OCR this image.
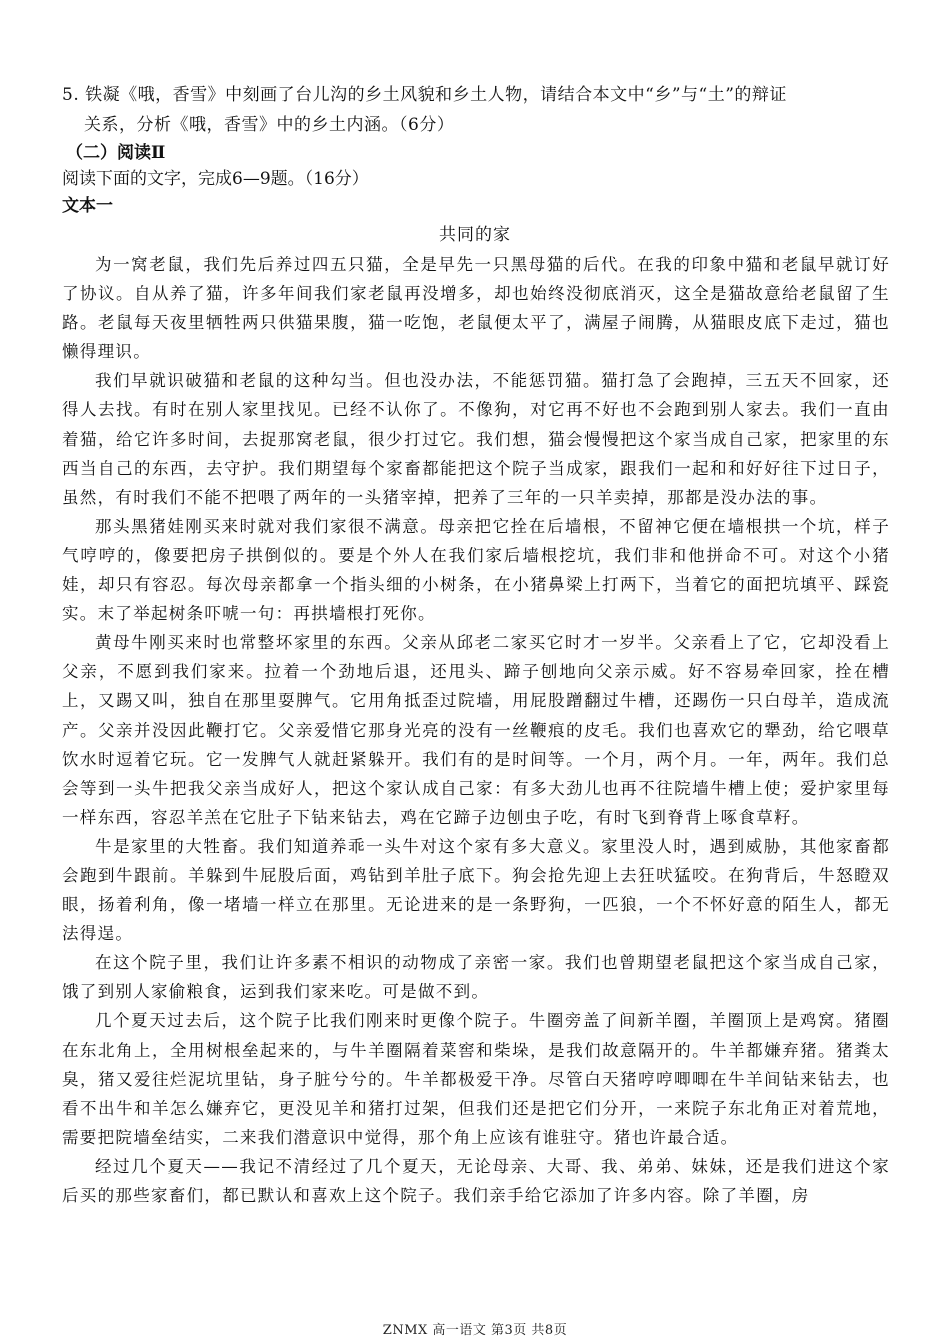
5. 铁凝《哦，香雪》中刻画了台儿沟的乡土风貌和乡土人物，请结合本文中“乡”与“土”的辩证
关系，分析《哦，香雪》中的乡土内涵。（6分）
（二）阅读Ⅱ
阅读下面的文字，完成6—9题。（16分）
文本一
共同的家

为一窝老鼠，我们先后养过四五只猫，全是早先一只黑母猫的后代。在我的印象中猫和老鼠早就订好了协议。自从养了猫，许多年间我们家老鼠再没增多，却也始终没彻底消灭，这全是猫故意给老鼠留了生路。老鼠每天夜里牺牲两只供猫果腹，猫一吃饱，老鼠便太平了，满屋子闹腾，从猫眼皮底下走过，猫也懒得理识。

我们早就识破猫和老鼠的这种勾当。但也没办法，不能惩罚猫。猫打急了会跑掉，三五天不回家，还得人去找。有时在别人家里找见。已经不认你了。不像狗，对它再不好也不会跑到别人家去。我们一直由着猫，给它许多时间，去捉那窝老鼠，很少打过它。我们想，猫会慢慢把这个家当成自己家，把家里的东西当自己的东西，去守护。我们期望每个家畜都能把这个院子当成家，跟我们一起和和好好往下过日子，虽然，有时我们不能不把喂了两年的一头猪宰掉，把养了三年的一只羊卖掉，那都是没办法的事。

那头黑猪娃刚买来时就对我们家很不满意。母亲把它拴在后墙根，不留神它便在墙根拱一个坑，样子气哼哼的，像要把房子拱倒似的。要是个外人在我们家后墙根挖坑，我们非和他拼命不可。对这个小猪娃，却只有容忍。每次母亲都拿一个指头细的小树条，在小猪鼻梁上打两下，当着它的面把坑填平、踩瓷实。末了举起树条吓唬一句：再拱墙根打死你。

黄母牛刚买来时也常整坏家里的东西。父亲从邱老二家买它时才一岁半。父亲看上了它，它却没看上父亲，不愿到我们家来。拉着一个劲地后退，还甩头、蹄子刨地向父亲示威。好不容易牵回家，拴在槽上，又踢又叫，独自在那里耍脾气。它用角抵歪过院墙，用屁股蹭翻过牛槽，还踢伤一只白母羊，造成流产。父亲并没因此鞭打它。父亲爱惜它那身光亮的没有一丝鞭痕的皮毛。我们也喜欢它的犟劲，给它喂草饮水时逗着它玩。它一发脾气人就赶紧躲开。我们有的是时间等。一个月，两个月。一年，两年。我们总会等到一头牛把我父亲当成好人，把这个家认成自己家：有多大劲儿也再不往院墙牛槽上使；爱护家里每一样东西，容忍羊羔在它肚子下钻来钻去，鸡在它蹄子边刨虫子吃，有时飞到脊背上啄食草籽。

牛是家里的大牲畜。我们知道养乖一头牛对这个家有多大意义。家里没人时，遇到威胁，其他家畜都会跑到牛跟前。羊躲到牛屁股后面，鸡钻到羊肚子底下。狗会抢先迎上去狂吠猛咬。在狗背后，牛怒瞪双眼，扬着利角，像一堵墙一样立在那里。无论进来的是一条野狗，一匹狼，一个不怀好意的陌生人，都无法得逞。

在这个院子里，我们让许多素不相识的动物成了亲密一家。我们也曾期望老鼠把这个家当成自己家，饿了到别人家偷粮食，运到我们家来吃。可是做不到。

几个夏天过去后，这个院子比我们刚来时更像个院子。牛圈旁盖了间新羊圈，羊圈顶上是鸡窝。猪圈在东北角上，全用树根垒起来的，与牛羊圈隔着菜窖和柴垛，是我们故意隔开的。牛羊都嫌弃猪。猪粪太臭，猪又爱往烂泥坑里钻，身子脏兮兮的。牛羊都极爱干净。尽管白天猪哼哼唧唧在牛羊间钻来钻去，也看不出牛和羊怎么嫌弃它，更没见羊和猪打过架，但我们还是把它们分开，一来院子东北角正对着荒地，需要把院墙垒结实，二来我们潜意识中觉得，那个角上应该有谁驻守。猪也许最合适。

经过几个夏天——我记不清经过了几个夏天，无论母亲、大哥、我、弟弟、妹妹，还是我们进这个家后买的那些家畜们，都已默认和喜欢上这个院子。我们亲手给它添加了许多内容。除了羊圈，房

ZNMX 高一语文 第3页 共8页
